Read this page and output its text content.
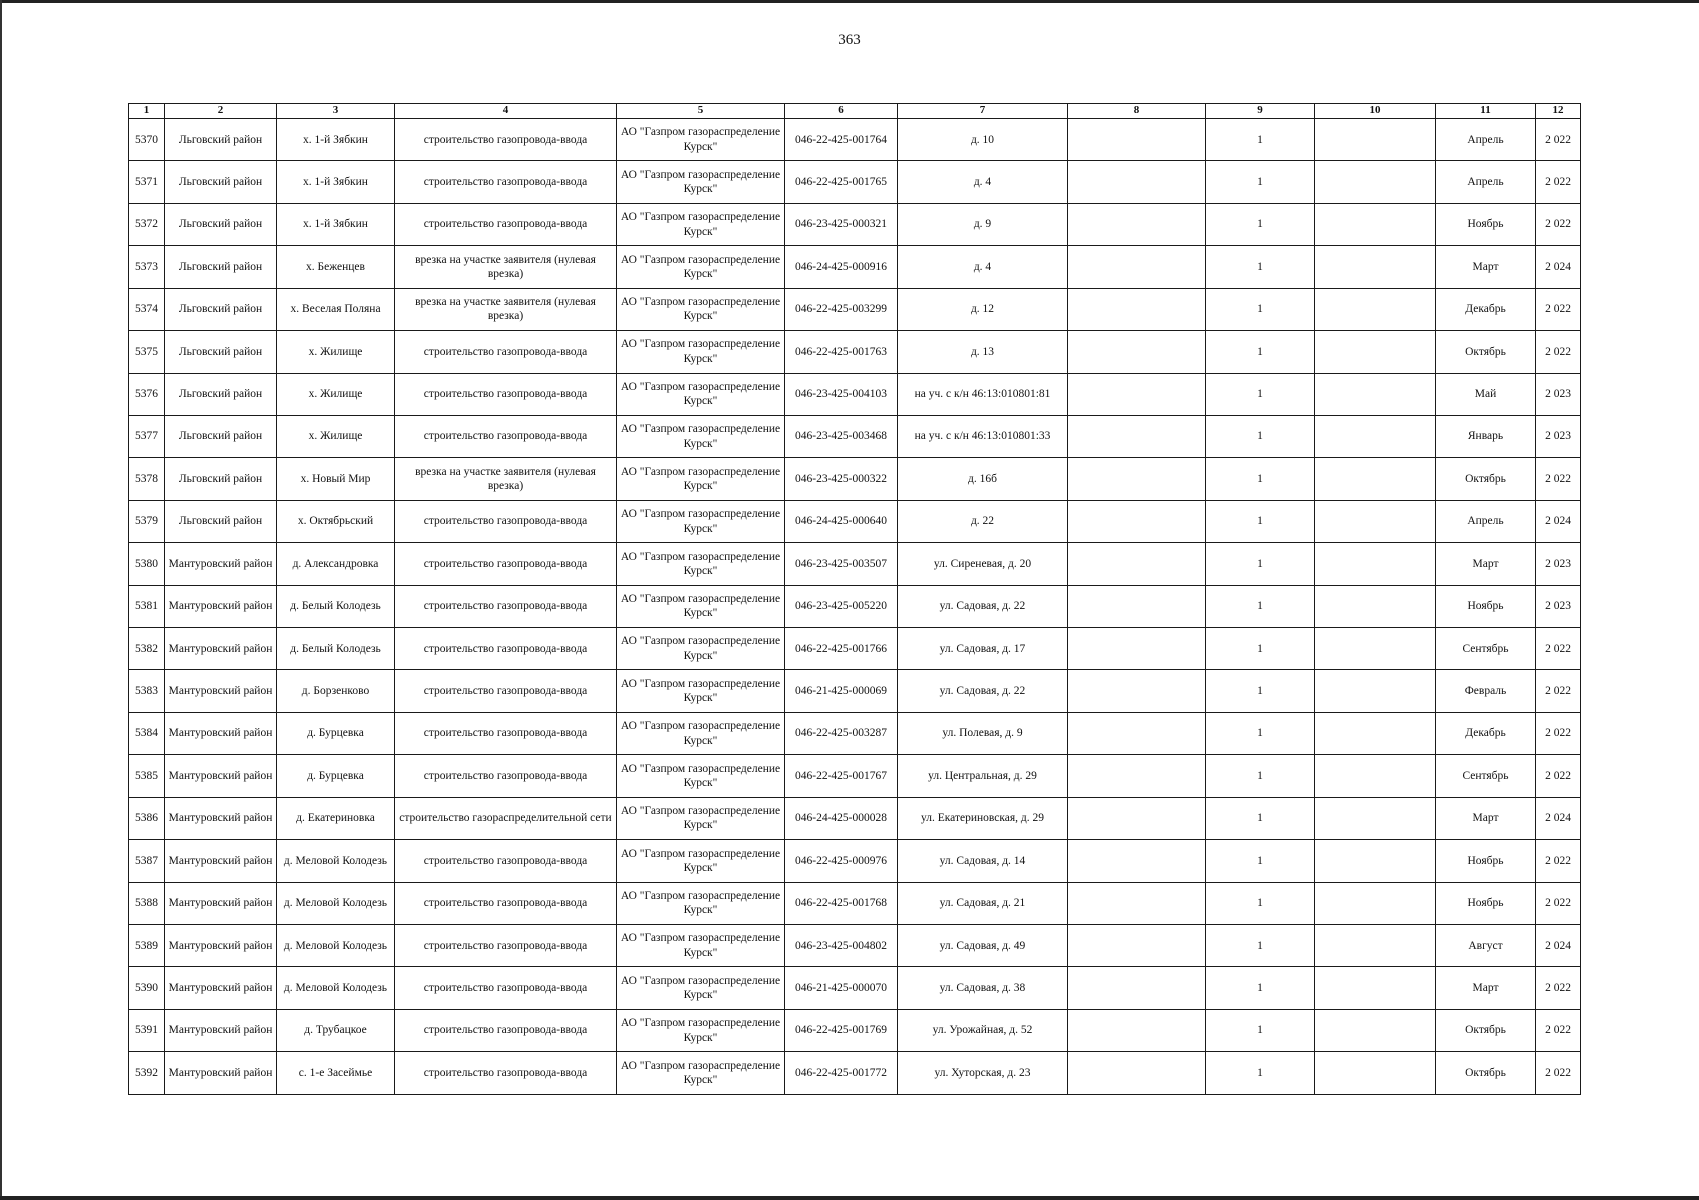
363
1	2	3	4	5	6	7	8	9	10	11	12
5370	Льговский район	х. 1-й Зябкин	строительство газопровода-ввода	АО "Газпром газораспределение Курск"	046-22-425-001764	д. 10		1		Апрель	2 022
5371	Льговский район	х. 1-й Зябкин	строительство газопровода-ввода	АО "Газпром газораспределение Курск"	046-22-425-001765	д. 4		1		Апрель	2 022
5372	Льговский район	х. 1-й Зябкин	строительство газопровода-ввода	АО "Газпром газораспределение Курск"	046-23-425-000321	д. 9		1		Ноябрь	2 022
5373	Льговский район	х. Беженцев	врезка на участке заявителя (нулевая врезка)	АО "Газпром газораспределение Курск"	046-24-425-000916	д. 4		1		Март	2 024
5374	Льговский район	х. Веселая Поляна	врезка на участке заявителя (нулевая врезка)	АО "Газпром газораспределение Курск"	046-22-425-003299	д. 12		1		Декабрь	2 022
5375	Льговский район	х. Жилище	строительство газопровода-ввода	АО "Газпром газораспределение Курск"	046-22-425-001763	д. 13		1		Октябрь	2 022
5376	Льговский район	х. Жилище	строительство газопровода-ввода	АО "Газпром газораспределение Курск"	046-23-425-004103	на уч. с к/н 46:13:010801:81		1		Май	2 023
5377	Льговский район	х. Жилище	строительство газопровода-ввода	АО "Газпром газораспределение Курск"	046-23-425-003468	на уч. с к/н 46:13:010801:33		1		Январь	2 023
5378	Льговский район	х. Новый Мир	врезка на участке заявителя (нулевая врезка)	АО "Газпром газораспределение Курск"	046-23-425-000322	д. 16б		1		Октябрь	2 022
5379	Льговский район	х. Октябрьский	строительство газопровода-ввода	АО "Газпром газораспределение Курск"	046-24-425-000640	д. 22		1		Апрель	2 024
5380	Мантуровский район	д. Александровка	строительство газопровода-ввода	АО "Газпром газораспределение Курск"	046-23-425-003507	ул. Сиреневая, д. 20		1		Март	2 023
5381	Мантуровский район	д. Белый Колодезь	строительство газопровода-ввода	АО "Газпром газораспределение Курск"	046-23-425-005220	ул. Садовая, д. 22		1		Ноябрь	2 023
5382	Мантуровский район	д. Белый Колодезь	строительство газопровода-ввода	АО "Газпром газораспределение Курск"	046-22-425-001766	ул. Садовая, д. 17		1		Сентябрь	2 022
5383	Мантуровский район	д. Борзенково	строительство газопровода-ввода	АО "Газпром газораспределение Курск"	046-21-425-000069	ул. Садовая, д. 22		1		Февраль	2 022
5384	Мантуровский район	д. Бурцевка	строительство газопровода-ввода	АО "Газпром газораспределение Курск"	046-22-425-003287	ул. Полевая, д. 9		1		Декабрь	2 022
5385	Мантуровский район	д. Бурцевка	строительство газопровода-ввода	АО "Газпром газораспределение Курск"	046-22-425-001767	ул. Центральная, д. 29		1		Сентябрь	2 022
5386	Мантуровский район	д. Екатериновка	строительство газораспределительной сети	АО "Газпром газораспределение Курск"	046-24-425-000028	ул. Екатериновская, д. 29		1		Март	2 024
5387	Мантуровский район	д. Меловой Колодезь	строительство газопровода-ввода	АО "Газпром газораспределение Курск"	046-22-425-000976	ул. Садовая, д. 14		1		Ноябрь	2 022
5388	Мантуровский район	д. Меловой Колодезь	строительство газопровода-ввода	АО "Газпром газораспределение Курск"	046-22-425-001768	ул. Садовая, д. 21		1		Ноябрь	2 022
5389	Мантуровский район	д. Меловой Колодезь	строительство газопровода-ввода	АО "Газпром газораспределение Курск"	046-23-425-004802	ул. Садовая, д. 49		1		Август	2 024
5390	Мантуровский район	д. Меловой Колодезь	строительство газопровода-ввода	АО "Газпром газораспределение Курск"	046-21-425-000070	ул. Садовая, д. 38		1		Март	2 022
5391	Мантуровский район	д. Трубацкое	строительство газопровода-ввода	АО "Газпром газораспределение Курск"	046-22-425-001769	ул. Урожайная, д. 52		1		Октябрь	2 022
5392	Мантуровский район	с. 1-е Засеймье	строительство газопровода-ввода	АО "Газпром газораспределение Курск"	046-22-425-001772	ул. Хуторская, д. 23		1		Октябрь	2 022
